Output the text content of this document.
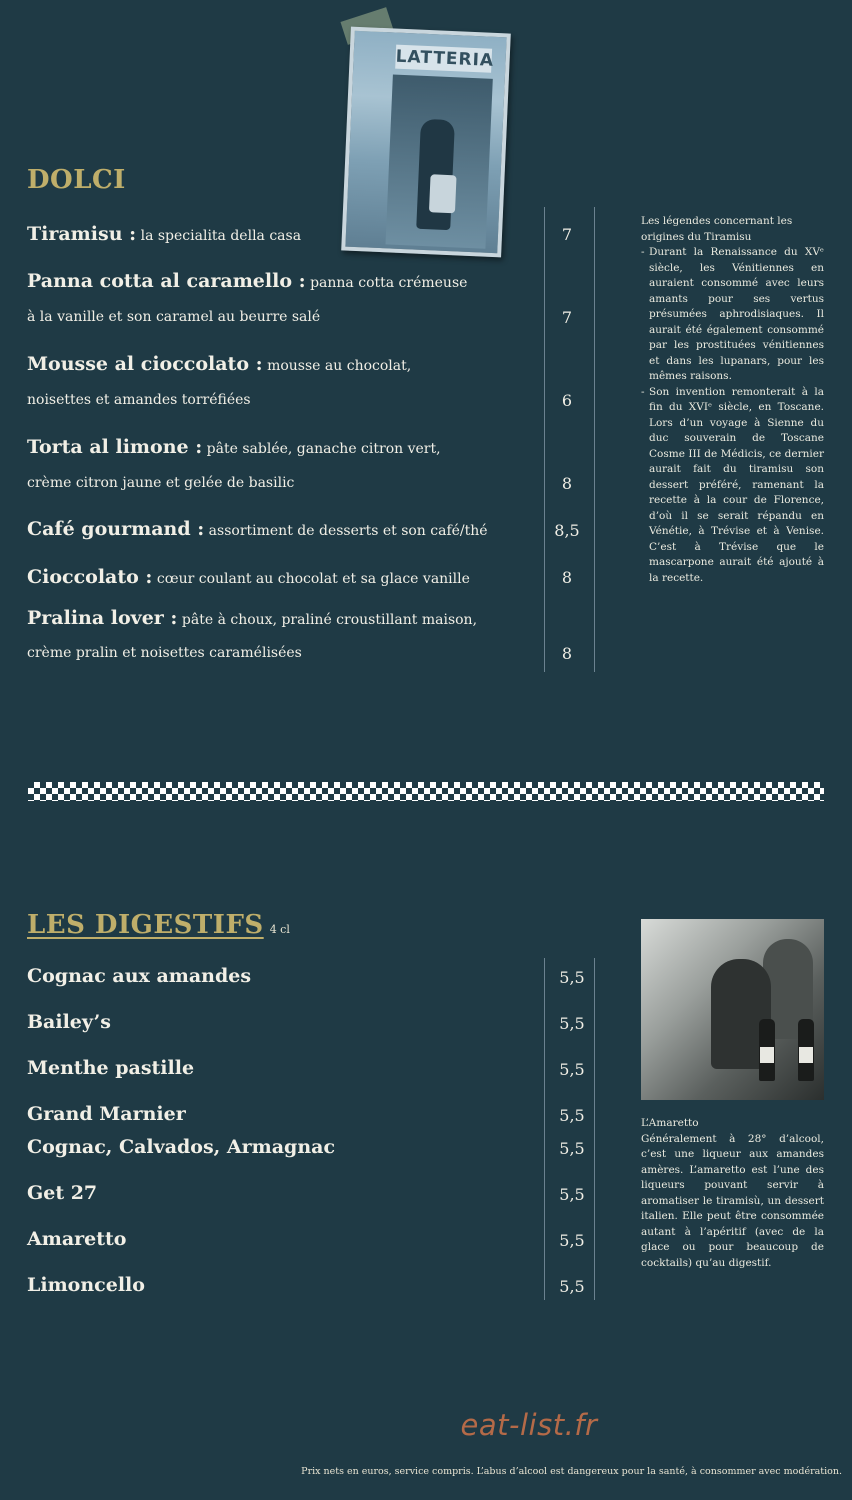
LATTERIA
DOLCI
Tiramisu : la specialita della casa	7
Panna cotta al caramello : panna cotta crémeuse
à la vanille et son caramel au beurre salé	7
Mousse al cioccolato : mousse au chocolat,
noisettes et amandes torréfiées	6
Torta al limone : pâte sablée, ganache citron vert,
crème citron jaune et gelée de basilic	8
Café gourmand : assortiment de desserts et son café/thé	8,5
Cioccolato : cœur coulant au chocolat et sa glace vanille	8
Pralina lover : pâte à choux, praliné croustillant maison,
crème pralin et noisettes caramélisées	8
Les légendes concernant les origines du Tiramisu
- Durant la Renaissance du XVᵉ siècle, les Vénitiennes en auraient consommé avec leurs amants pour ses vertus présumées aphrodisiaques. Il aurait été également consommé par les prostituées vénitiennes et dans les lupanars, pour les mêmes raisons.
- Son invention remonterait à la fin du XVIᵉ siècle, en Toscane. Lors d’un voyage à Sienne du duc souverain de Toscane Cosme III de Médicis, ce dernier aurait fait du tiramisu son dessert préféré, ramenant la recette à la cour de Florence, d’où il se serait répandu en Vénétie, à Trévise et à Venise. C’est à Trévise que le mascarpone aurait été ajouté à la recette.
LES DIGESTIFS 4 cl
Cognac aux amandes	5,5
Bailey’s	5,5
Menthe pastille	5,5
Grand Marnier	5,5
Cognac, Calvados, Armagnac	5,5
Get 27	5,5
Amaretto	5,5
Limoncello	5,5
L’Amaretto
Généralement à 28° d’alcool, c’est une liqueur aux amandes amères. L’amaretto est l’une des liqueurs pouvant servir à aromatiser le tiramisù, un dessert italien. Elle peut être consommée autant à l’apéritif (avec de la glace ou pour beaucoup de cocktails) qu’au digestif.
eat-list.fr
Prix nets en euros, service compris. L’abus d’alcool est dangereux pour la santé, à consommer avec modération.
